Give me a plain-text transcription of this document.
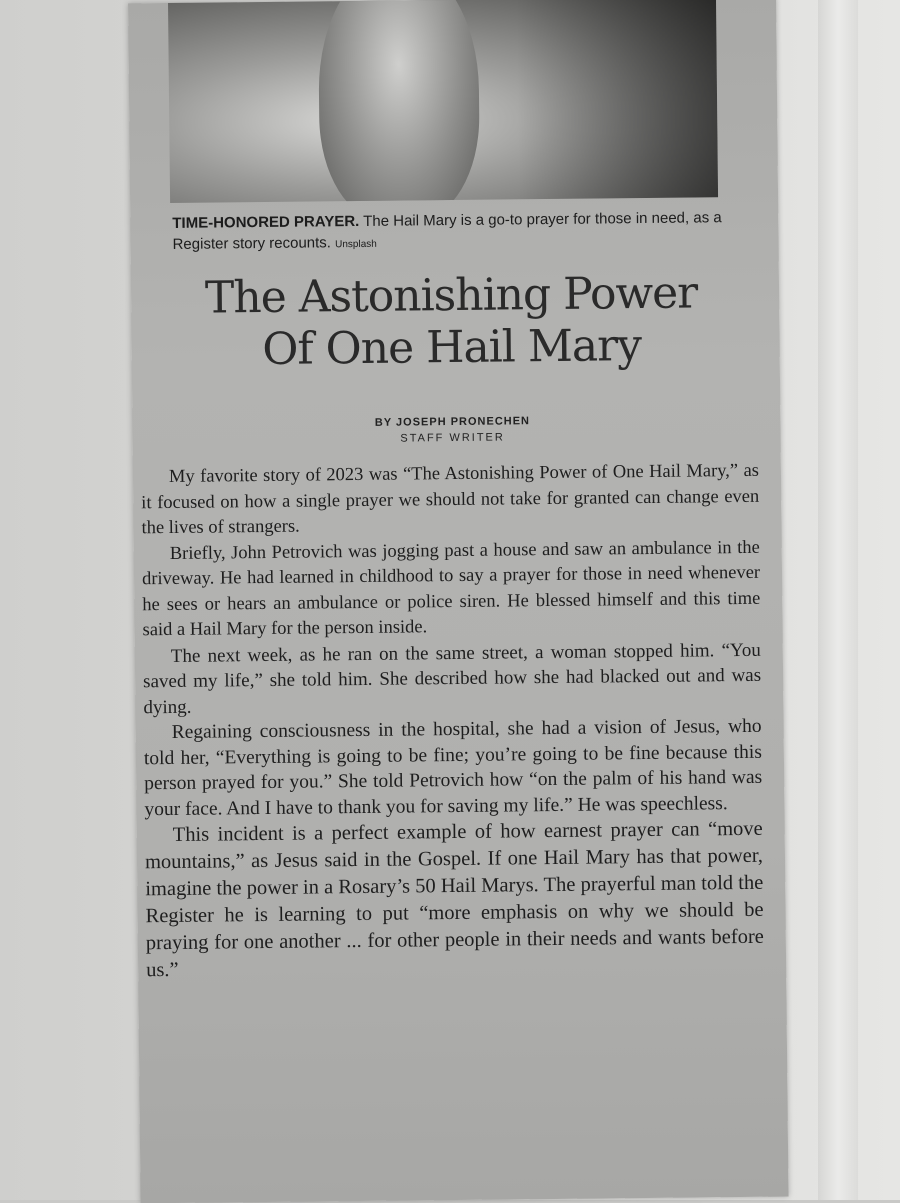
TIME-HONORED PRAYER. The Hail Mary is a go-to prayer for those in need, as a Register story recounts. Unsplash
The Astonishing Power
Of One Hail Mary
BY JOSEPH PRONECHEN
STAFF WRITER

My favorite story of 2023 was “The Astonishing Power of One Hail Mary,” as it focused on how a single prayer we should not take for granted can change even the lives of strangers.

Briefly, John Petrovich was jogging past a house and saw an ambulance in the driveway. He had learned in childhood to say a prayer for those in need whenever he sees or hears an ambulance or police siren. He blessed himself and this time said a Hail Mary for the person inside.

The next week, as he ran on the same street, a woman stopped him. “You saved my life,” she told him. She described how she had blacked out and was dying.

Regaining consciousness in the hospital, she had a vision of Jesus, who told her, “Everything is going to be fine; you’re going to be fine because this person prayed for you.” She told Petrovich how “on the palm of his hand was your face. And I have to thank you for saving my life.” He was speechless.

This incident is a perfect example of how earnest prayer can “move mountains,” as Jesus said in the Gospel. If one Hail Mary has that power, imagine the power in a Rosary’s 50 Hail Marys. The prayerful man told the Register he is learning to put “more emphasis on why we should be praying for one another ... for other people in their needs and wants before us.”
